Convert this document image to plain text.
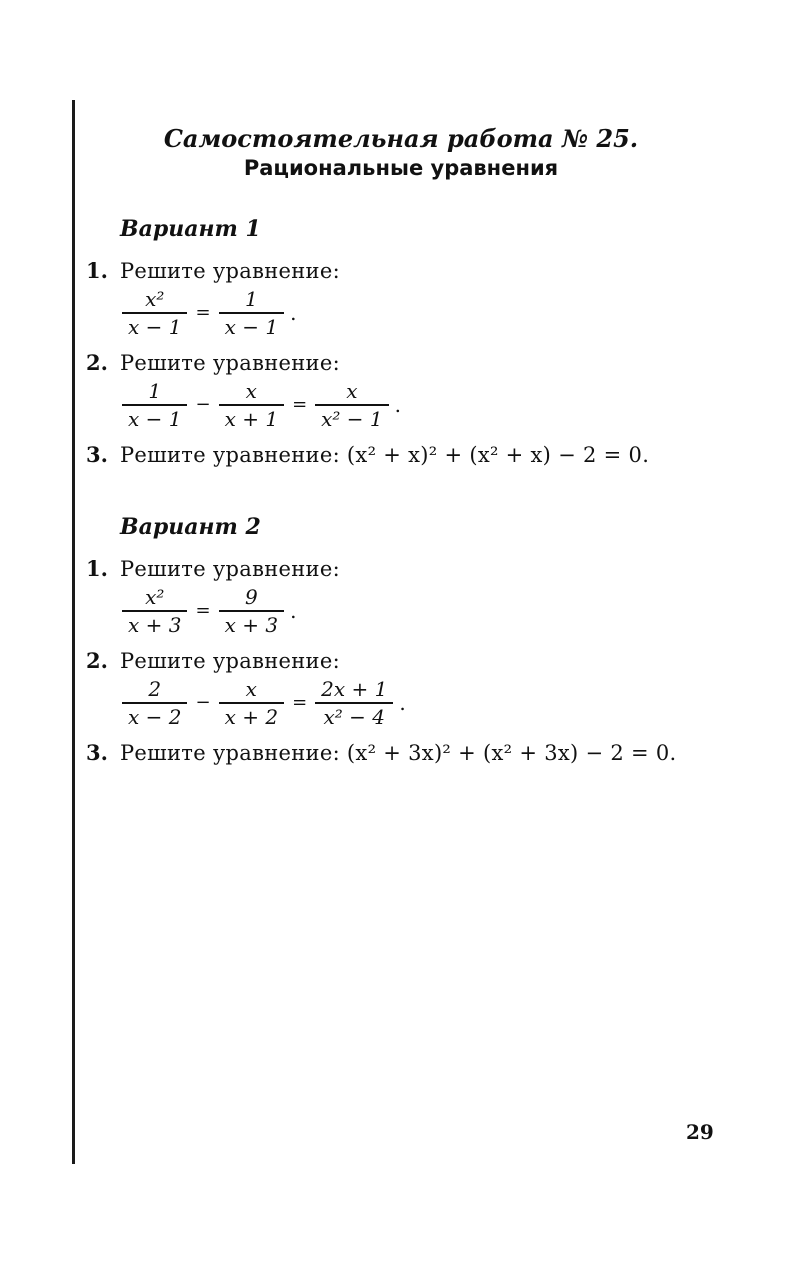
Самостоятельная работа № 25.
Рациональные уравнения
Вариант 1
1. Решите уравнение:
$\frac{\text{x²}}{x - 1} = \frac{1}{x - 1}$ .
2. Решите уравнение:
$\frac{1}{x - 1} - \frac{x}{x + 1} = \frac{x}{\text{x² − 1}}$ .
3. Решите уравнение: (x² + x)² + (x² + x) − 2 = 0.
Вариант 2
1. Решите уравнение:
$\frac{\text{x²}}{x + 3} = \frac{9}{x + 3}$ .
2. Решите уравнение:
$\frac{2}{x - 2} - \frac{x}{x + 2} = \frac{2x + 1}{\text{x² − 4}}$ .
3. Решите уравнение: (x² + 3x)² + (x² + 3x) − 2 = 0.
29
